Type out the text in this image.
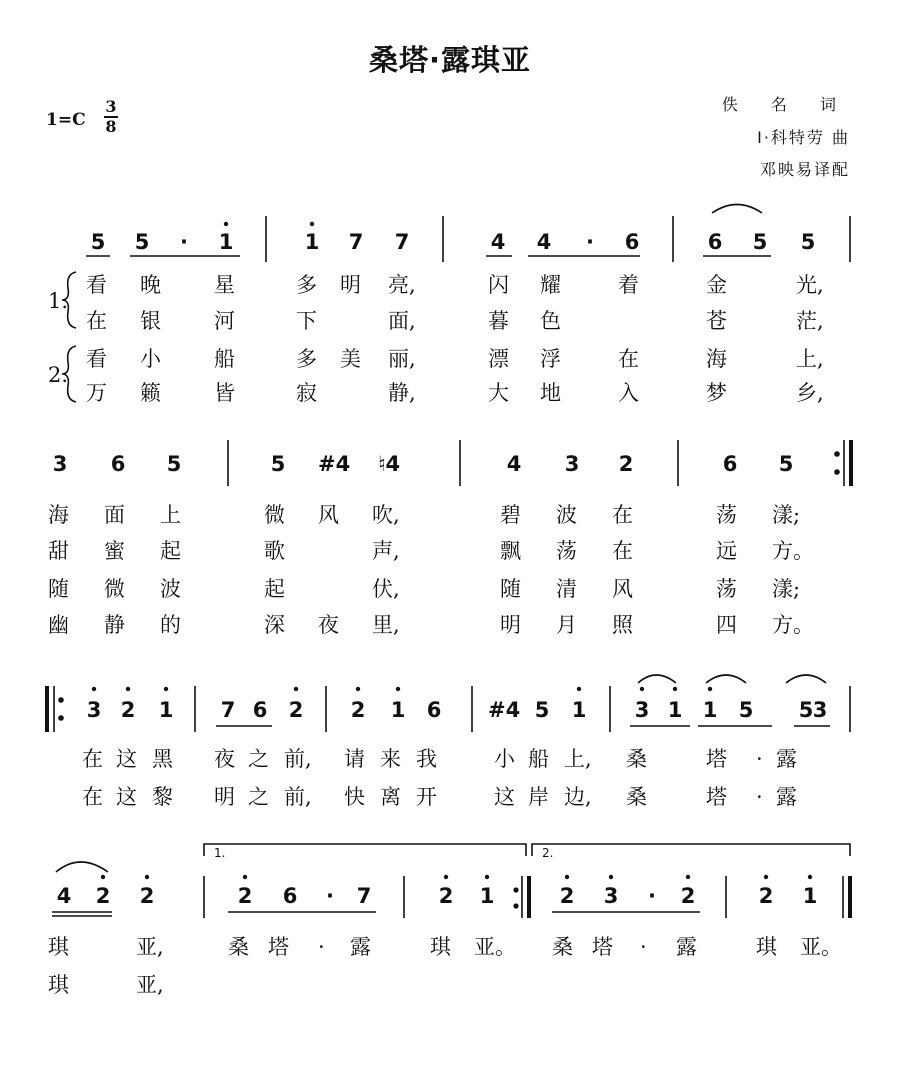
桑塔·露琪亚
1=C
3
8
佚 名 词
I·科特劳 曲
邓映易译配
1.
2.
1.	2.
5 5	·	1	1 7 7	4 4	·	6	6 5 5
看 晚	星	多 明 亮,	闪 耀	着	金	光,
在 银	河	下	面,	暮 色	苍	茫,
看 小	船	多 美 丽,	漂 浮	在	海	上,
万 籁	皆	寂	静,	大 地	入	梦	乡,
3 6 5	5 #4 ♮4	4 3 2	6 5
海 面 上	微 风 吹,	碧 波 在	荡 漾;
甜 蜜 起	歌	声,	飘 荡 在	远 方。
随 微 波	起	伏,	随 清 风	荡 漾;
幽 静 的	深 夜 里,	明 月 照	四 方。
3 2 1 7 6 2 2 1 6 #4 5 1 3 1 1 5 5 3
在 这 黑 夜 之 前, 请 来 我	小 船 上, 桑	塔 · 露
在 这 黎 明 之 前, 快 离 开	这 岸 边, 桑	塔 · 露
4 2 2	2 6	·	7	2 1	2 3	·	2	2 1
琪	亚,	桑 塔 · 露	琪 亚。 桑 塔 · 露	琪 亚。
琪	亚,
